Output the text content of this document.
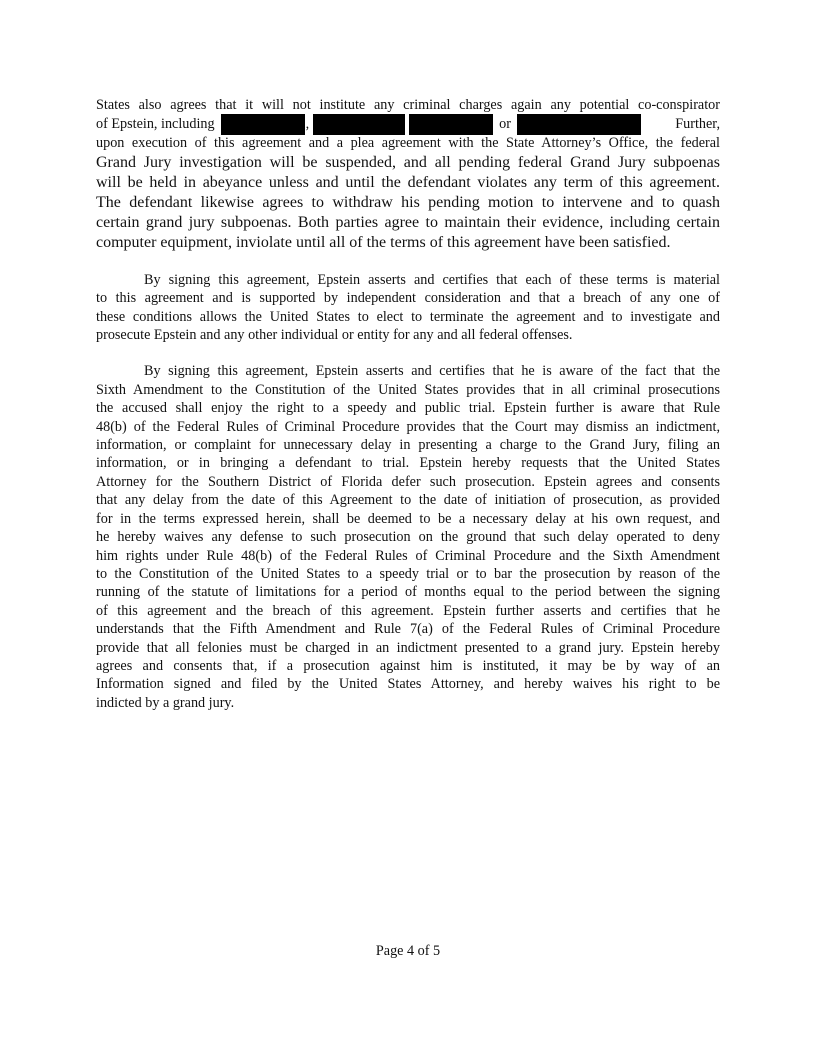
States also agrees that it will not institute any criminal charges again any potential co-conspirator
of Epstein, including	,	or	Further,
upon execution of this agreement and a plea agreement with the State Attorney’s Office, the federal
Grand Jury investigation will be suspended, and all pending federal Grand Jury subpoenas
will be held in abeyance unless and until the defendant violates any term of this agreement.
The defendant likewise agrees to withdraw his pending motion to intervene and to quash
certain grand jury subpoenas. Both parties agree to maintain their evidence, including certain
computer equipment, inviolate until all of the terms of this agreement have been satisfied.
By signing this agreement, Epstein asserts and certifies that each of these terms is material
to this agreement and is supported by independent consideration and that a breach of any one of
these conditions allows the United States to elect to terminate the agreement and to investigate and
prosecute Epstein and any other individual or entity for any and all federal offenses.
By signing this agreement, Epstein asserts and certifies that he is aware of the fact that the
Sixth Amendment to the Constitution of the United States provides that in all criminal prosecutions
the accused shall enjoy the right to a speedy and public trial. Epstein further is aware that Rule
48(b) of the Federal Rules of Criminal Procedure provides that the Court may dismiss an indictment,
information, or complaint for unnecessary delay in presenting a charge to the Grand Jury, filing an
information, or in bringing a defendant to trial. Epstein hereby requests that the United States
Attorney for the Southern District of Florida defer such prosecution. Epstein agrees and consents
that any delay from the date of this Agreement to the date of initiation of prosecution, as provided
for in the terms expressed herein, shall be deemed to be a necessary delay at his own request, and
he hereby waives any defense to such prosecution on the ground that such delay operated to deny
him rights under Rule 48(b) of the Federal Rules of Criminal Procedure and the Sixth Amendment
to the Constitution of the United States to a speedy trial or to bar the prosecution by reason of the
running of the statute of limitations for a period of months equal to the period between the signing
of this agreement and the breach of this agreement. Epstein further asserts and certifies that he
understands that the Fifth Amendment and Rule 7(a) of the Federal Rules of Criminal Procedure
provide that all felonies must be charged in an indictment presented to a grand jury. Epstein hereby
agrees and consents that, if a prosecution against him is instituted, it may be by way of an
Information signed and filed by the United States Attorney, and hereby waives his right to be
indicted by a grand jury.
Page 4 of 5
